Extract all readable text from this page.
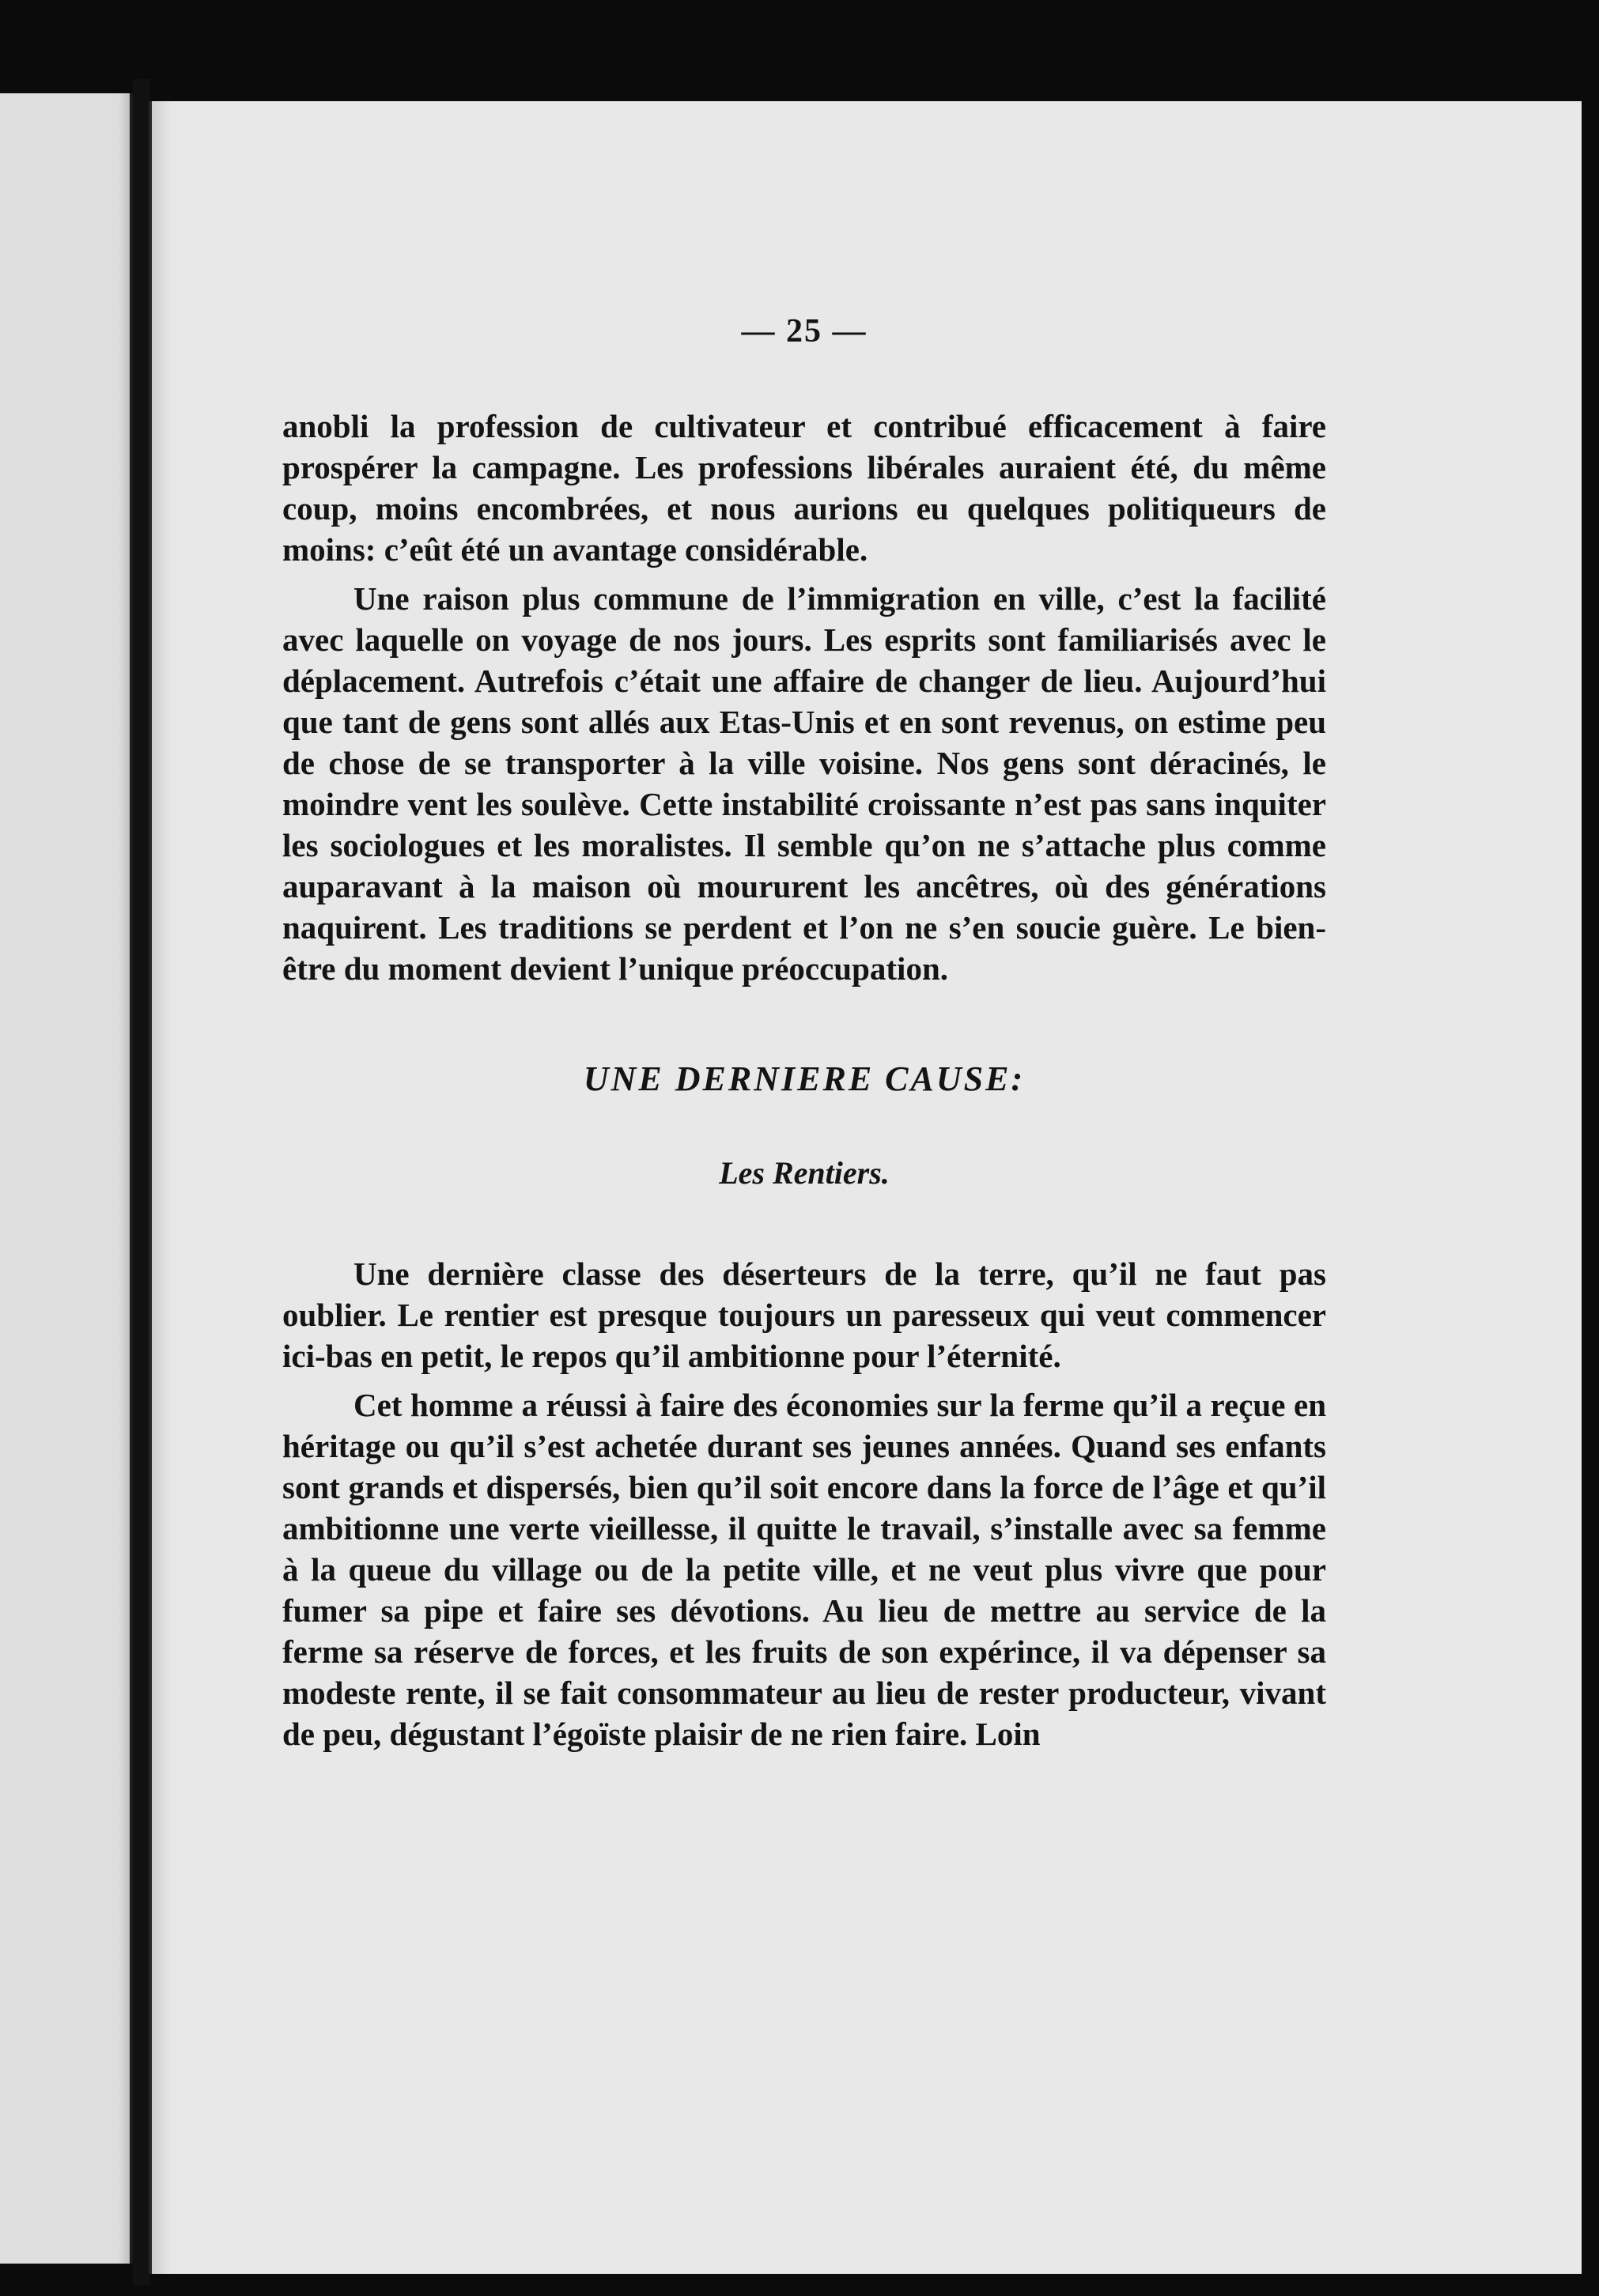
— 25 —

anobli la profession de cultivateur et contribué efficacement à faire prospérer la campagne. Les professions libérales auraient été, du même coup, moins encombrées, et nous aurions eu quelques politiqueurs de moins: c’eût été un avantage considérable.

Une raison plus commune de l’immigration en ville, c’est la facilité avec laquelle on voyage de nos jours. Les esprits sont familiarisés avec le déplacement. Autrefois c’était une affaire de changer de lieu. Aujourd’hui que tant de gens sont allés aux Etas-Unis et en sont revenus, on estime peu de chose de se transporter à la ville voisine. Nos gens sont déracinés, le moindre vent les soulève. Cette instabilité croissante n’est pas sans inquiter les sociologues et les moralistes. Il semble qu’on ne s’attache plus comme auparavant à la maison où moururent les ancêtres, où des générations naquirent. Les traditions se perdent et l’on ne s’en soucie guère. Le bien-être du moment devient l’unique préoccupation.

UNE DERNIERE CAUSE:
Les Rentiers.

Une dernière classe des déserteurs de la terre, qu’il ne faut pas oublier. Le rentier est presque toujours un paresseux qui veut commencer ici-bas en petit, le repos qu’il ambitionne pour l’éternité.

Cet homme a réussi à faire des économies sur la ferme qu’il a reçue en héritage ou qu’il s’est achetée durant ses jeunes années. Quand ses enfants sont grands et dispersés, bien qu’il soit encore dans la force de l’âge et qu’il ambitionne une verte vieillesse, il quitte le travail, s’installe avec sa femme à la queue du village ou de la petite ville, et ne veut plus vivre que pour fumer sa pipe et faire ses dévotions. Au lieu de mettre au service de la ferme sa réserve de forces, et les fruits de son expérince, il va dépenser sa modeste rente, il se fait consommateur au lieu de rester producteur, vivant de peu, dégustant l’égoïste plaisir de ne rien faire. Loin
